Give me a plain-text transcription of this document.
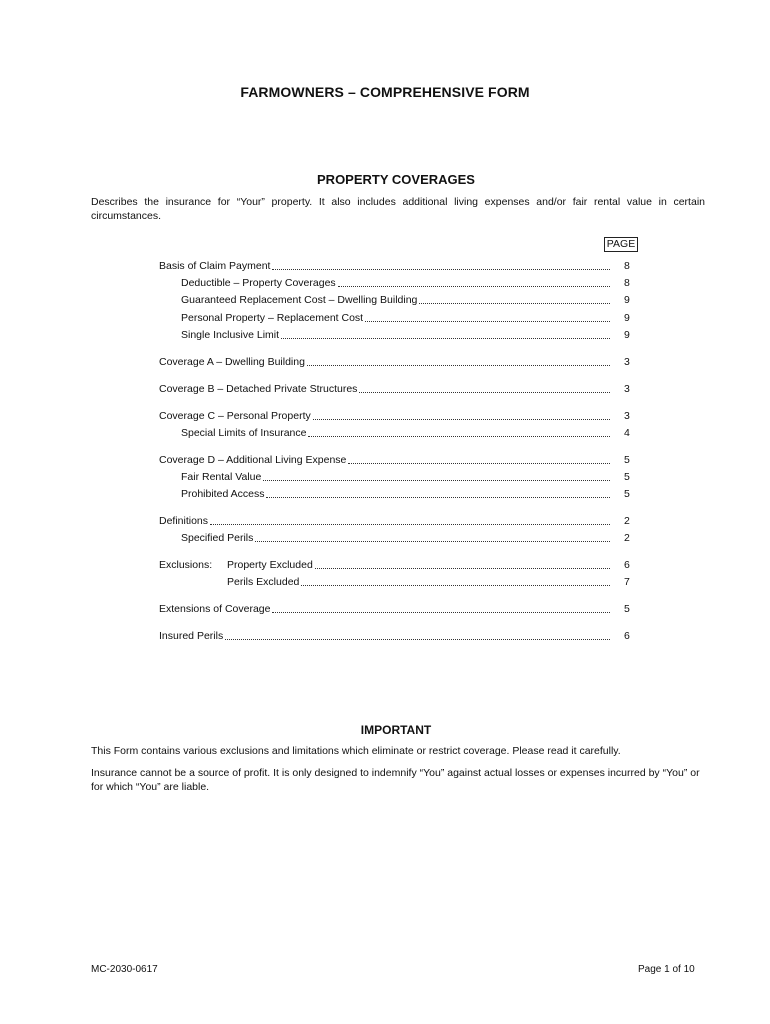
FARMOWNERS – COMPREHENSIVE FORM
PROPERTY COVERAGES
Describes the insurance for “Your” property. It also includes additional living expenses and/or fair rental value in certain circumstances.
PAGE
Basis of Claim Payment	8
Deductible – Property Coverages	8
Guaranteed Replacement Cost – Dwelling Building	9
Personal Property – Replacement Cost	9
Single Inclusive Limit	9
Coverage A – Dwelling Building	3
Coverage B – Detached Private Structures	3
Coverage C – Personal Property	3
Special Limits of Insurance	4
Coverage D – Additional Living Expense	5
Fair Rental Value	5
Prohibited Access	5
Definitions	2
Specified Perils	2
Exclusions: Property Excluded	6
Perils Excluded	7
Extensions of Coverage	5
Insured Perils	6
IMPORTANT
This Form contains various exclusions and limitations which eliminate or restrict coverage. Please read it carefully.
Insurance cannot be a source of profit. It is only designed to indemnify “You” against actual losses or expenses incurred by “You” or for which “You” are liable.
MC-2030-0617	Page 1 of 10
